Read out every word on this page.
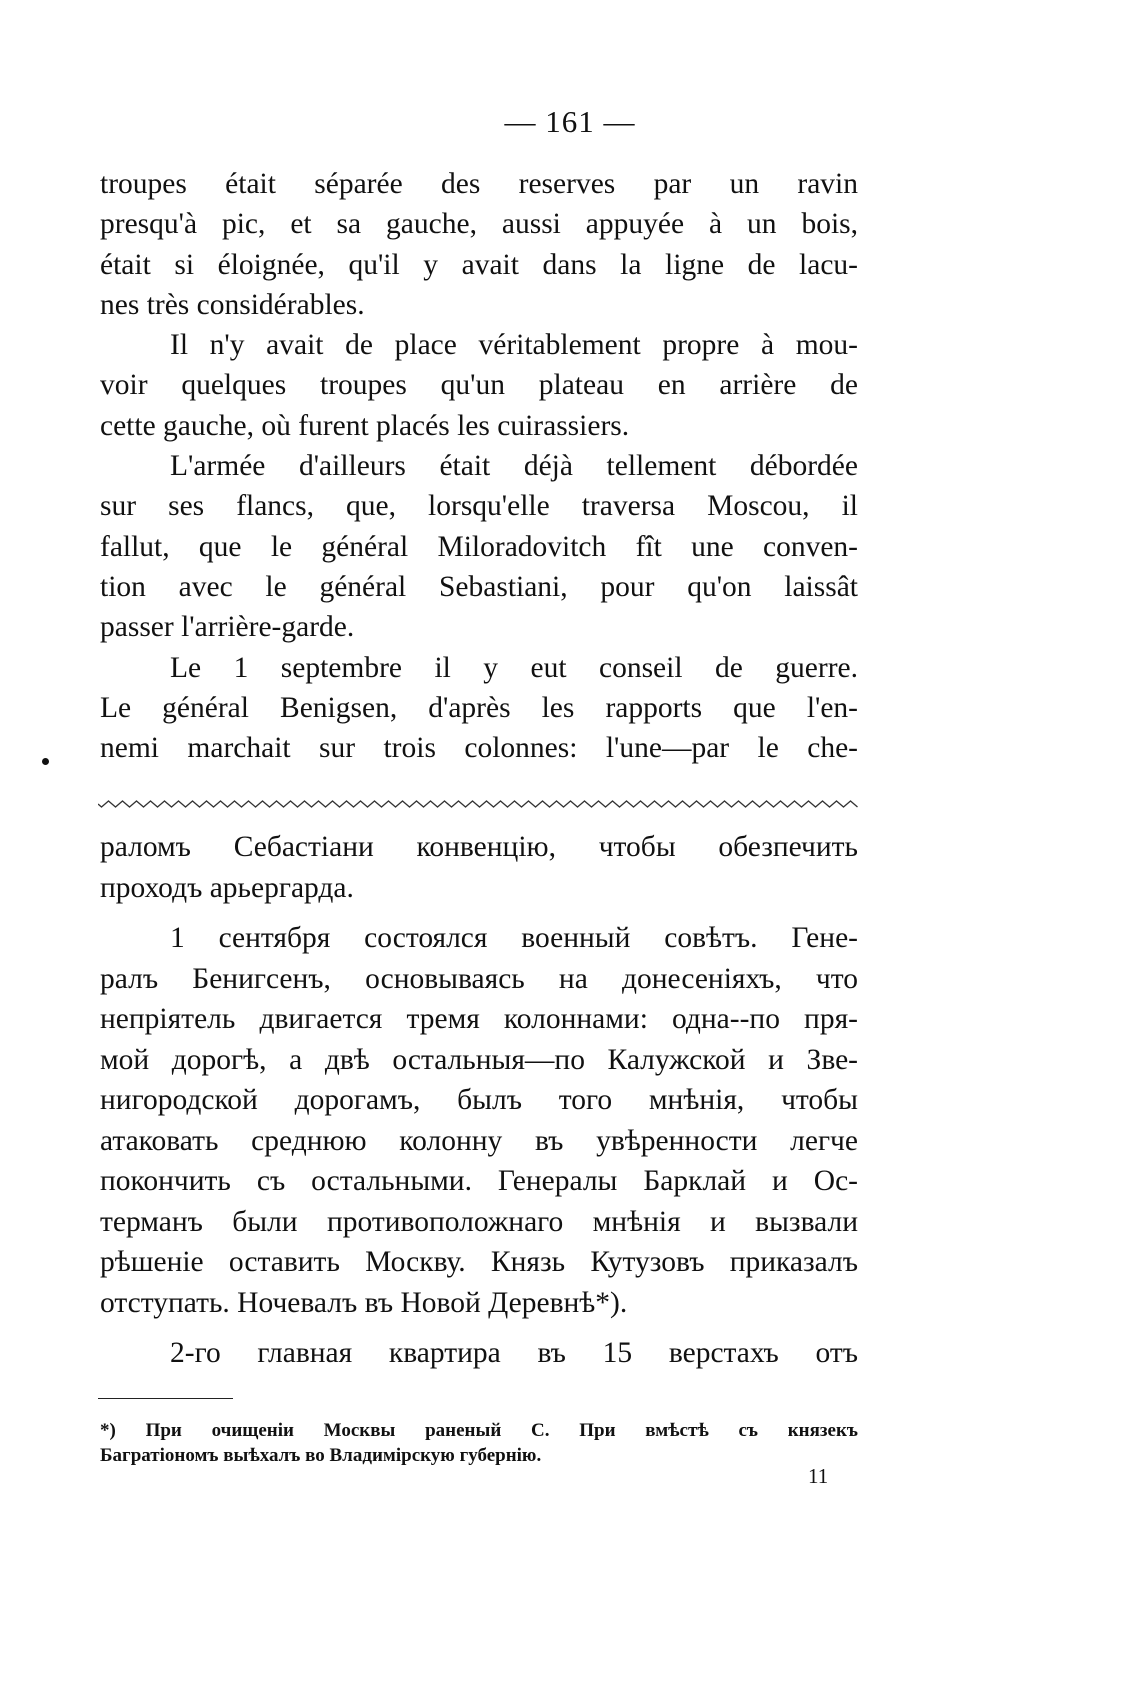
— 161 —
troupes était séparée des reserves par un ravin
presqu'à pic, et sa gauche, aussi appuyée à un bois,
était si éloignée, qu'il y avait dans la ligne de lacu-
nes très considérables.
Il n'y avait de place véritablement propre à mou-
voir quelques troupes qu'un plateau en arrière de
cette gauche, où furent placés les cuirassiers.
L'armée d'ailleurs était déjà tellement débordée
sur ses flancs, que, lorsqu'elle traversa Moscou, il
fallut, que le général Miloradovitch fît une conven-
tion avec le général Sebastiani, pour qu'on laissât
passer l'arrière-garde.
Le 1 septembre il y eut conseil de guerre.
Le général Benigsen, d'après les rapports que l'en-
nemi marchait sur trois colonnes: l'une—par le che-
раломъ Себастіани конвенцію, чтобы обезпечить
проходъ арьергарда.
1 сентября состоялся военный совѣтъ. Гене-
ралъ Бенигсенъ, основываясь на донесеніяхъ, что
непріятель двигается тремя колоннами: одна--по пря-
мой дорогѣ, а двѣ остальныя—по Калужской и Зве-
нигородской дорогамъ, былъ того мнѣнія, чтобы
атаковать среднюю колонну въ увѣренности легче
покончить съ остальными. Генералы Барклай и Ос-
терманъ были противоположнаго мнѣнія и вызвали
рѣшеніе оставить Москву. Князь Кутузовъ приказалъ
отступать. Ночевалъ въ Новой Деревнѣ*).
2-го главная квартира въ 15 верстахъ отъ
*) При очищеніи Москвы раненый С. При вмѣстѣ съ князекъ
Багратіономъ выѣхалъ во Владимірскую губернію.
11
